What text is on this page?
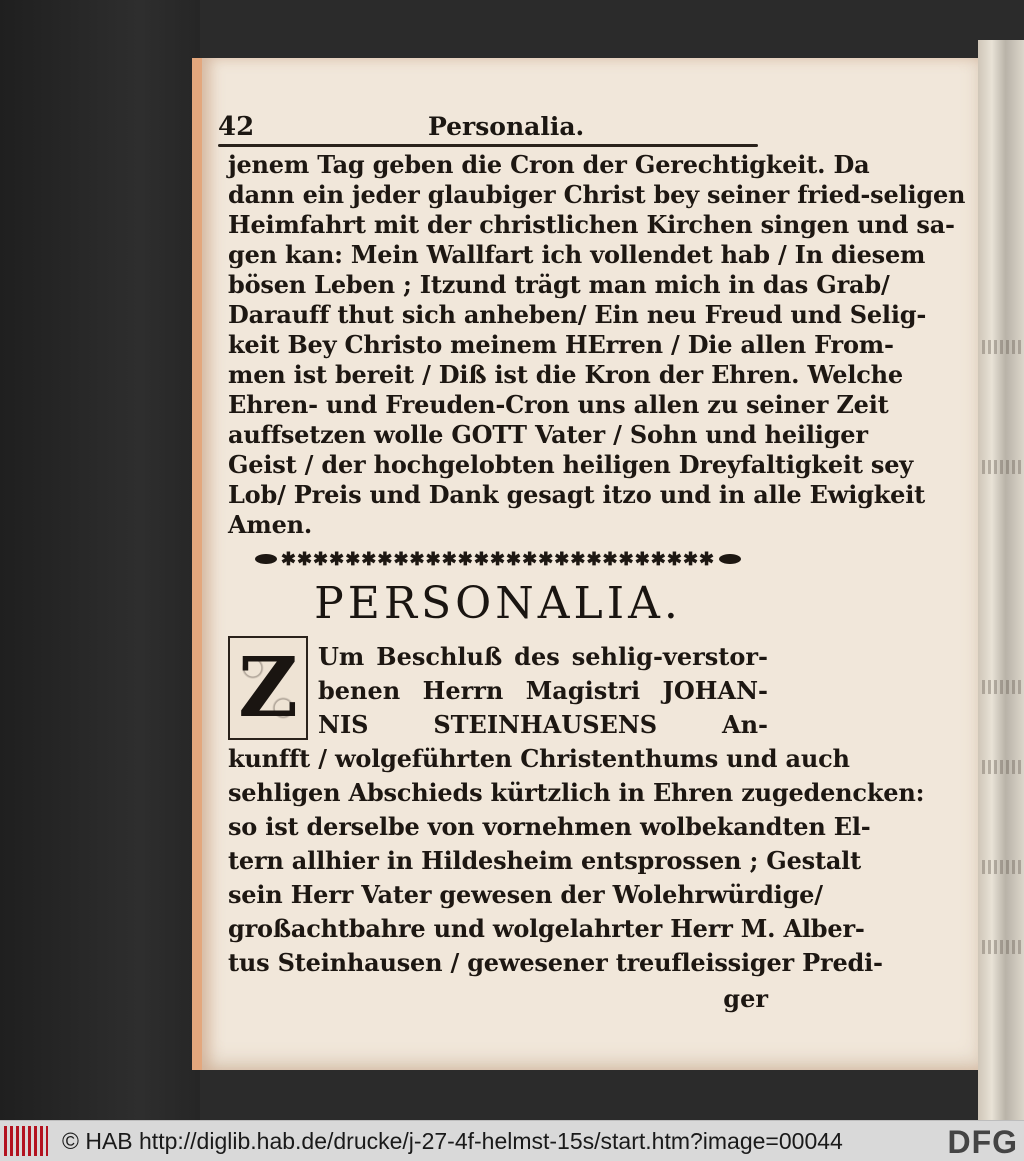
42	Personalia.
jenem Tag geben die Cron der Gerechtigkeit. Da
dann ein jeder glaubiger Christ bey seiner fried-seligen
Heimfahrt mit der christlichen Kirchen singen und sa-
gen kan: Mein Wallfart ich vollendet hab / In diesem
bösen Leben ; Itzund trägt man mich in das Grab/
Darauff thut sich anheben/ Ein neu Freud und Selig-
keit Bey Christo meinem HErren / Die allen From-
men ist bereit / Diß ist die Kron der Ehren. Welche
Ehren- und Freuden-Cron uns allen zu seiner Zeit
auffsetzen wolle GOTT Vater / Sohn und heiliger
Geist / der hochgelobten heiligen Dreyfaltigkeit sey
Lob/ Preis und Dank gesagt itzo und in alle Ewigkeit
Amen.
✱✱✱✱✱✱✱✱✱✱✱✱✱✱✱✱✱✱✱✱✱✱✱✱✱✱✱
PERSONALIA.
Z Um Beschluß des sehlig-verstor-
benen Herrn Magistri JOHAN-
NIS STEINHAUSENS An-
kunfft / wolgeführten Christenthums und auch
sehligen Abschieds kürtzlich in Ehren zugedencken:
so ist derselbe von vornehmen wolbekandten El-
tern allhier in Hildesheim entsprossen ; Gestalt
sein Herr Vater gewesen der Wolehrwürdige/
großachtbahre und wolgelahrter Herr M. Alber-
tus Steinhausen / gewesener treufleissiger Predi-
ger
© HAB http://diglib.hab.de/drucke/j-27-4f-helmst-15s/start.htm?image=00044	DFG
